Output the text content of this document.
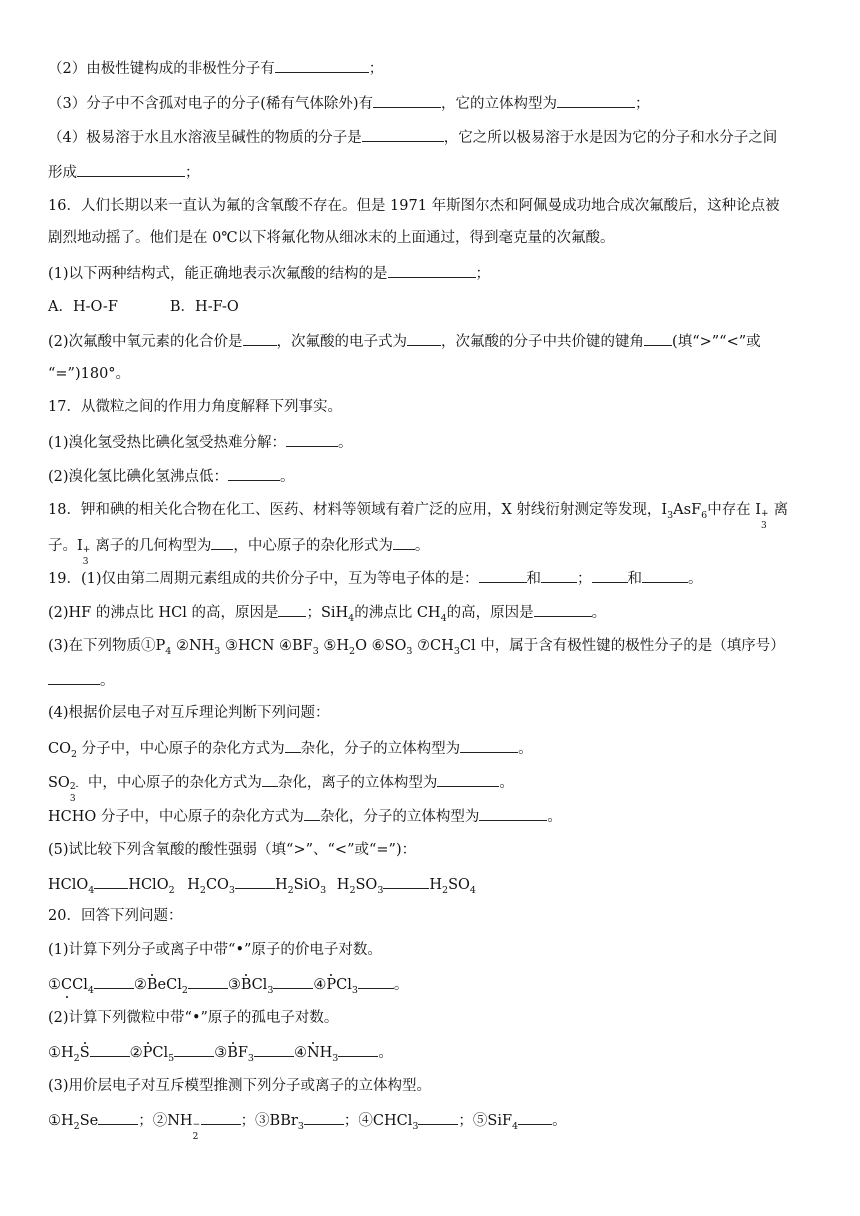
（2）由极性键构成的非极性分子有	；
（3）分子中不含孤对电子的分子(稀有气体除外)有	，它的立体构型为	；
（4）极易溶于水且水溶液呈碱性的物质的分子是	，它之所以极易溶于水是因为它的分子和水分子之间
形成	；
16．人们长期以来一直认为氟的含氧酸不存在。但是 1971 年斯图尔杰和阿佩曼成功地合成次氟酸后，这种论点被
剧烈地动摇了。他们是在 0℃以下将氟化物从细冰末的上面通过，得到毫克量的次氟酸。
(1)以下两种结构式，能正确地表示次氟酸的结构的是	；
A．H-O-F	B．H-F-O
(2)次氟酸中氧元素的化合价是 ，次氟酸的电子式为 ，次氟酸的分子中共价键的键角 (填“>”“<”或
“=”)180°。
17．从微粒之间的作用力角度解释下列事实。
(1)溴化氢受热比碘化氢受热难分解：	。
(2)溴化氢比碘化氢沸点低：	。
18．钾和碘的相关化合物在化工、医药、材料等领域有着广泛的应用，X 射线衍射测定等发现，$I_3AsF_6$中存在 I +
3
离
子。I +
3
离子的几何构型为 ，中心原子的杂化形式为 。
19．(1)仅由第二周期元素组成的共价分子中，互为等电子体的是：	和 ； 和	。
(2)HF 的沸点比 HCl 的高，原因是 ；SiH$_4$的沸点比 $CH_4$的高，原因是	。
(3)在下列物质$①P_4$ $②NH_3$ ③HCN $④BF_3$ $⑤H_2O$ $⑥SO_3$ $⑦CH_3Cl$ 中，属于含有极性键的极性分子的是（填序号）
。
(4)根据价层电子对互斥理论判断下列问题：
$CO_2$ 分子中，中心原子的杂化方式为 杂化，分子的立体构型为	。
SO 2-
3
中，中心原子的杂化方式为 杂化，离子的立体构型为	。
HCHO 分子中，中心原子的杂化方式为 杂化，分子的立体构型为	。
(5)试比较下列含氧酸的酸性强弱（填“>”、“<”或“=”)：
HClO$_4$ HClO$_2$ $H_2CO_3$	$H_2SiO_3$ $H_2SO_3$	$H_2SO_4$
20．回答下列问题：
(1)计算下列分子或离子中带“•”原子的价电子对数。
①CCl$_4$	②BeCl$_2$	③BCl$_3$	④PCl$_3$ 。
(2)计算下列微粒中带“•”原子的孤电子对数。
$①H_2S$	②PCl$_5$	$③BF_3$	$④NH_3$	。
(3)用价层电子对互斥模型推测下列分子或离子的立体构型。
$①H_2Se$	；②NH −
2
；③BBr$_3$	；④CHCl$_3$	；⑤SiF$_4$ 。
